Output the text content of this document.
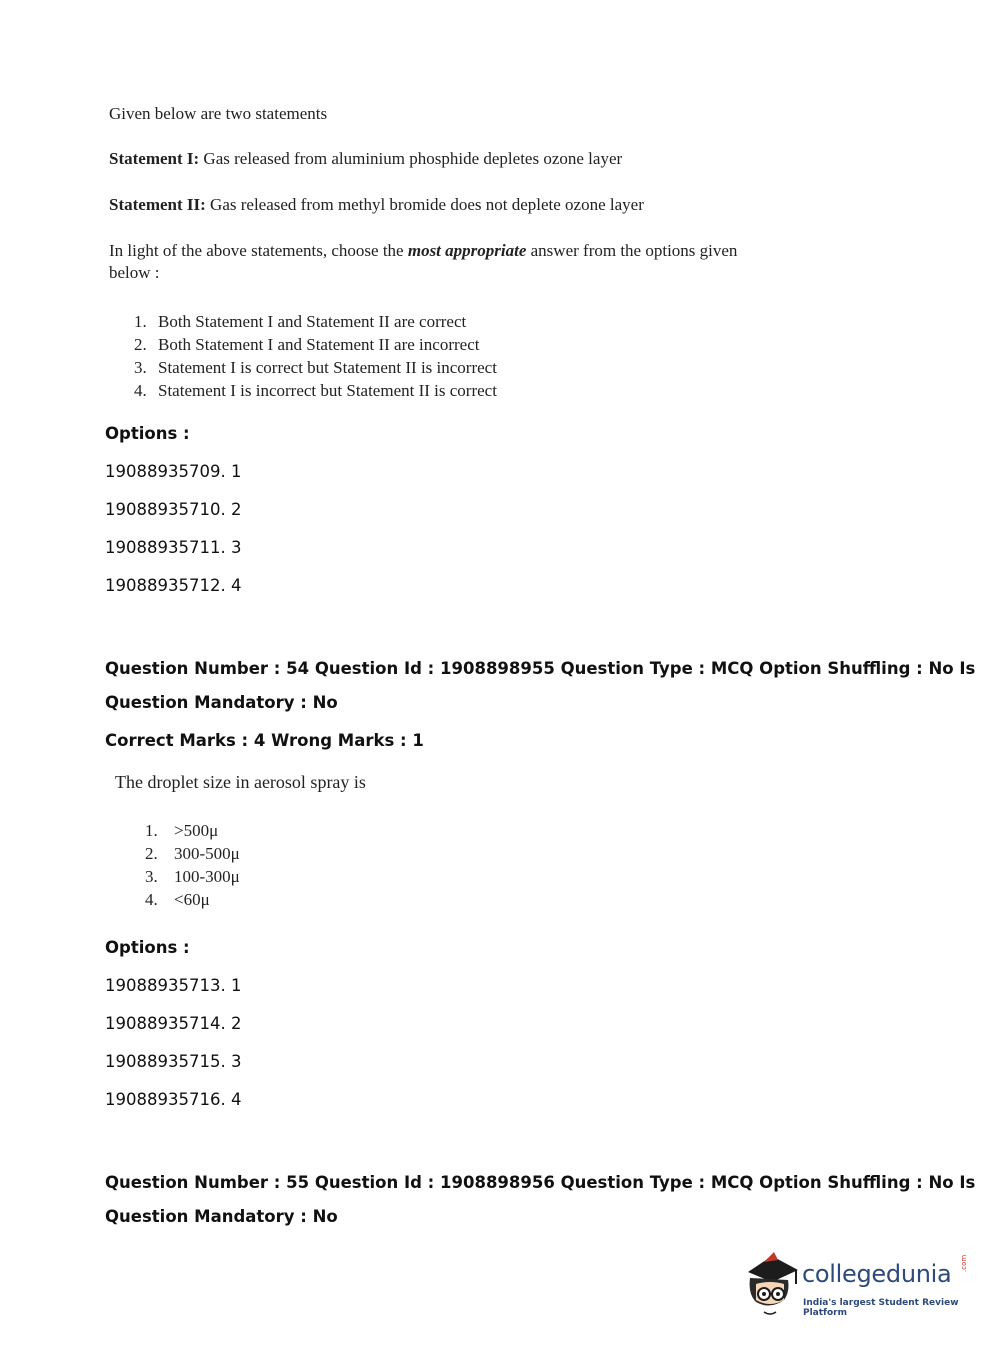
Given below are two statements
Statement I: Gas released from aluminium phosphide depletes ozone layer
Statement II: Gas released from methyl bromide does not deplete ozone layer
In light of the above statements, choose the most appropriate answer from the options given
below :
1. Both Statement I and Statement II are correct
2. Both Statement I and Statement II are incorrect
3. Statement I is correct but Statement II is incorrect
4. Statement I is incorrect but Statement II is correct
Options :
19088935709. 1
19088935710. 2
19088935711. 3
19088935712. 4
Question Number : 54 Question Id : 1908898955 Question Type : MCQ Option Shuffling : No Is
Question Mandatory : No
Correct Marks : 4 Wrong Marks : 1
The droplet size in aerosol spray is
1. >500μ
2. 300-500μ
3. 100-300μ
4. <60μ
Options :
19088935713. 1
19088935714. 2
19088935715. 3
19088935716. 4
Question Number : 55 Question Id : 1908898956 Question Type : MCQ Option Shuffling : No Is
Question Mandatory : No
collegedunia .com
India's largest Student Review Platform
